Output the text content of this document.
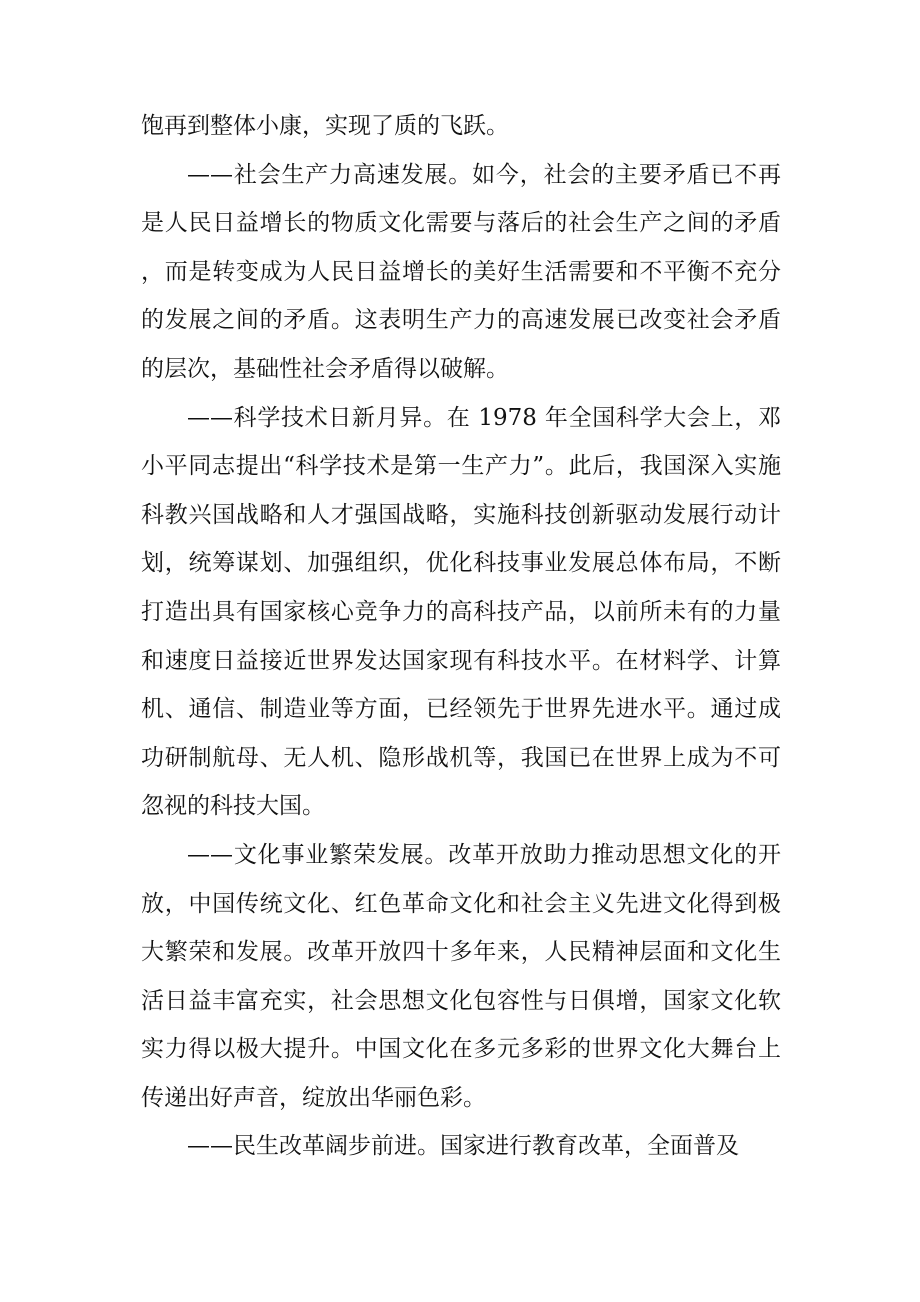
饱再到整体小康，实现了质的飞跃。

——社会生产力高速发展。如今，社会的主要矛盾已不再是人民日益增长的物质文化需要与落后的社会生产之间的矛盾，而是转变成为人民日益增长的美好生活需要和不平衡不充分的发展之间的矛盾。这表明生产力的高速发展已改变社会矛盾的层次，基础性社会矛盾得以破解。

——科学技术日新月异。在 1978 年全国科学大会上，邓小平同志提出“科学技术是第一生产力”。此后，我国深入实施科教兴国战略和人才强国战略，实施科技创新驱动发展行动计划，统筹谋划、加强组织，优化科技事业发展总体布局，不断打造出具有国家核心竞争力的高科技产品，以前所未有的力量和速度日益接近世界发达国家现有科技水平。在材料学、计算机、通信、制造业等方面，已经领先于世界先进水平。通过成功研制航母、无人机、隐形战机等，我国已在世界上成为不可忽视的科技大国。

——文化事业繁荣发展。改革开放助力推动思想文化的开放，中国传统文化、红色革命文化和社会主义先进文化得到极大繁荣和发展。改革开放四十多年来，人民精神层面和文化生活日益丰富充实，社会思想文化包容性与日俱增，国家文化软实力得以极大提升。中国文化在多元多彩的世界文化大舞台上传递出好声音，绽放出华丽色彩。

——民生改革阔步前进。国家进行教育改革，全面普及
